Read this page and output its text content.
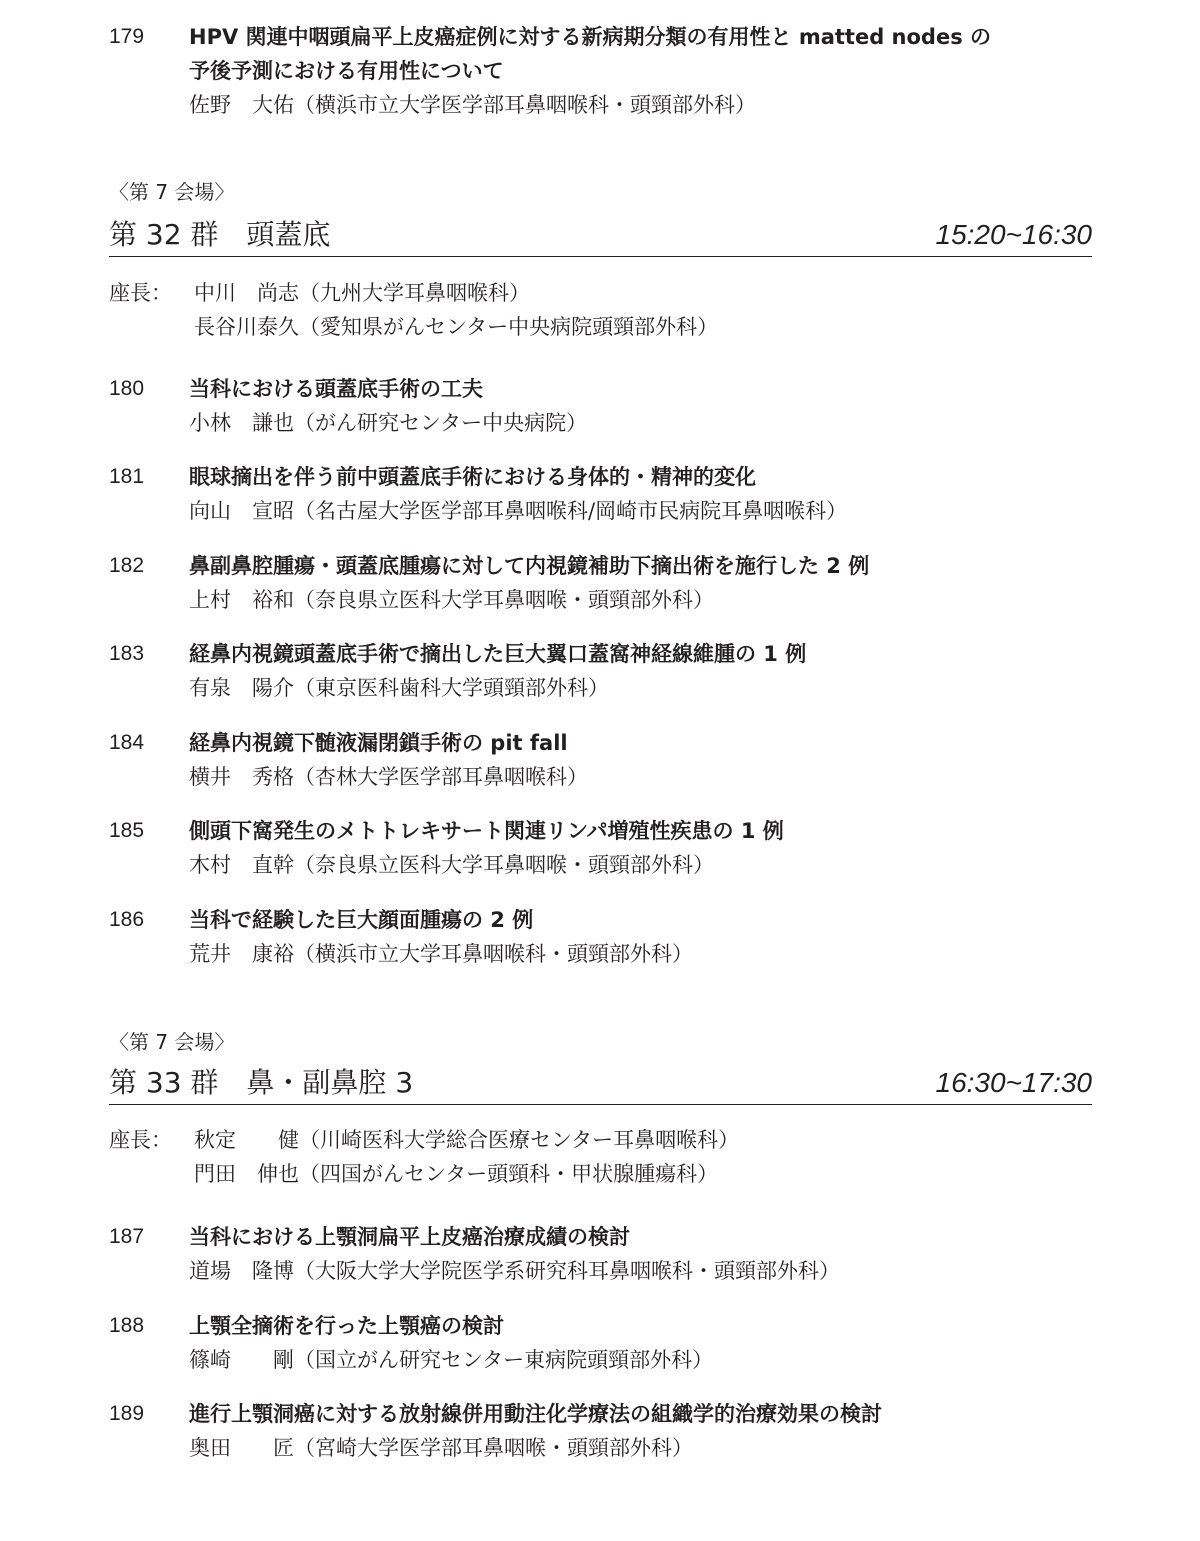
179 HPV 関連中咽頭扁平上皮癌症例に対する新病期分類の有用性と matted nodes の
予後予測における有用性について
佐野　大佑（横浜市立大学医学部耳鼻咽喉科・頭頸部外科）
〈第 7 会場〉
第 32 群　頭蓋底	15:20~16:30
座長： 中川　尚志（九州大学耳鼻咽喉科）
長谷川泰久（愛知県がんセンター中央病院頭頸部外科）
180 当科における頭蓋底手術の工夫
小林　謙也（がん研究センター中央病院）
181 眼球摘出を伴う前中頭蓋底手術における身体的・精神的変化
向山　宣昭（名古屋大学医学部耳鼻咽喉科/岡崎市民病院耳鼻咽喉科）
182 鼻副鼻腔腫瘍・頭蓋底腫瘍に対して内視鏡補助下摘出術を施行した 2 例
上村　裕和（奈良県立医科大学耳鼻咽喉・頭頸部外科）
183 経鼻内視鏡頭蓋底手術で摘出した巨大翼口蓋窩神経線維腫の 1 例
有泉　陽介（東京医科歯科大学頭頸部外科）
184 経鼻内視鏡下髄液漏閉鎖手術の pit fall
横井　秀格（杏林大学医学部耳鼻咽喉科）
185 側頭下窩発生のメトトレキサート関連リンパ増殖性疾患の 1 例
木村　直幹（奈良県立医科大学耳鼻咽喉・頭頸部外科）
186 当科で経験した巨大顔面腫瘍の 2 例
荒井　康裕（横浜市立大学耳鼻咽喉科・頭頸部外科）
〈第 7 会場〉
第 33 群　鼻・副鼻腔 3	16:30~17:30
座長： 秋定　　健（川崎医科大学総合医療センター耳鼻咽喉科）
門田　伸也（四国がんセンター頭頸科・甲状腺腫瘍科）
187 当科における上顎洞扁平上皮癌治療成績の検討
道場　隆博（大阪大学大学院医学系研究科耳鼻咽喉科・頭頸部外科）
188 上顎全摘術を行った上顎癌の検討
篠崎　　剛（国立がん研究センター東病院頭頸部外科）
189 進行上顎洞癌に対する放射線併用動注化学療法の組織学的治療効果の検討
奥田　　匠（宮崎大学医学部耳鼻咽喉・頭頸部外科）
